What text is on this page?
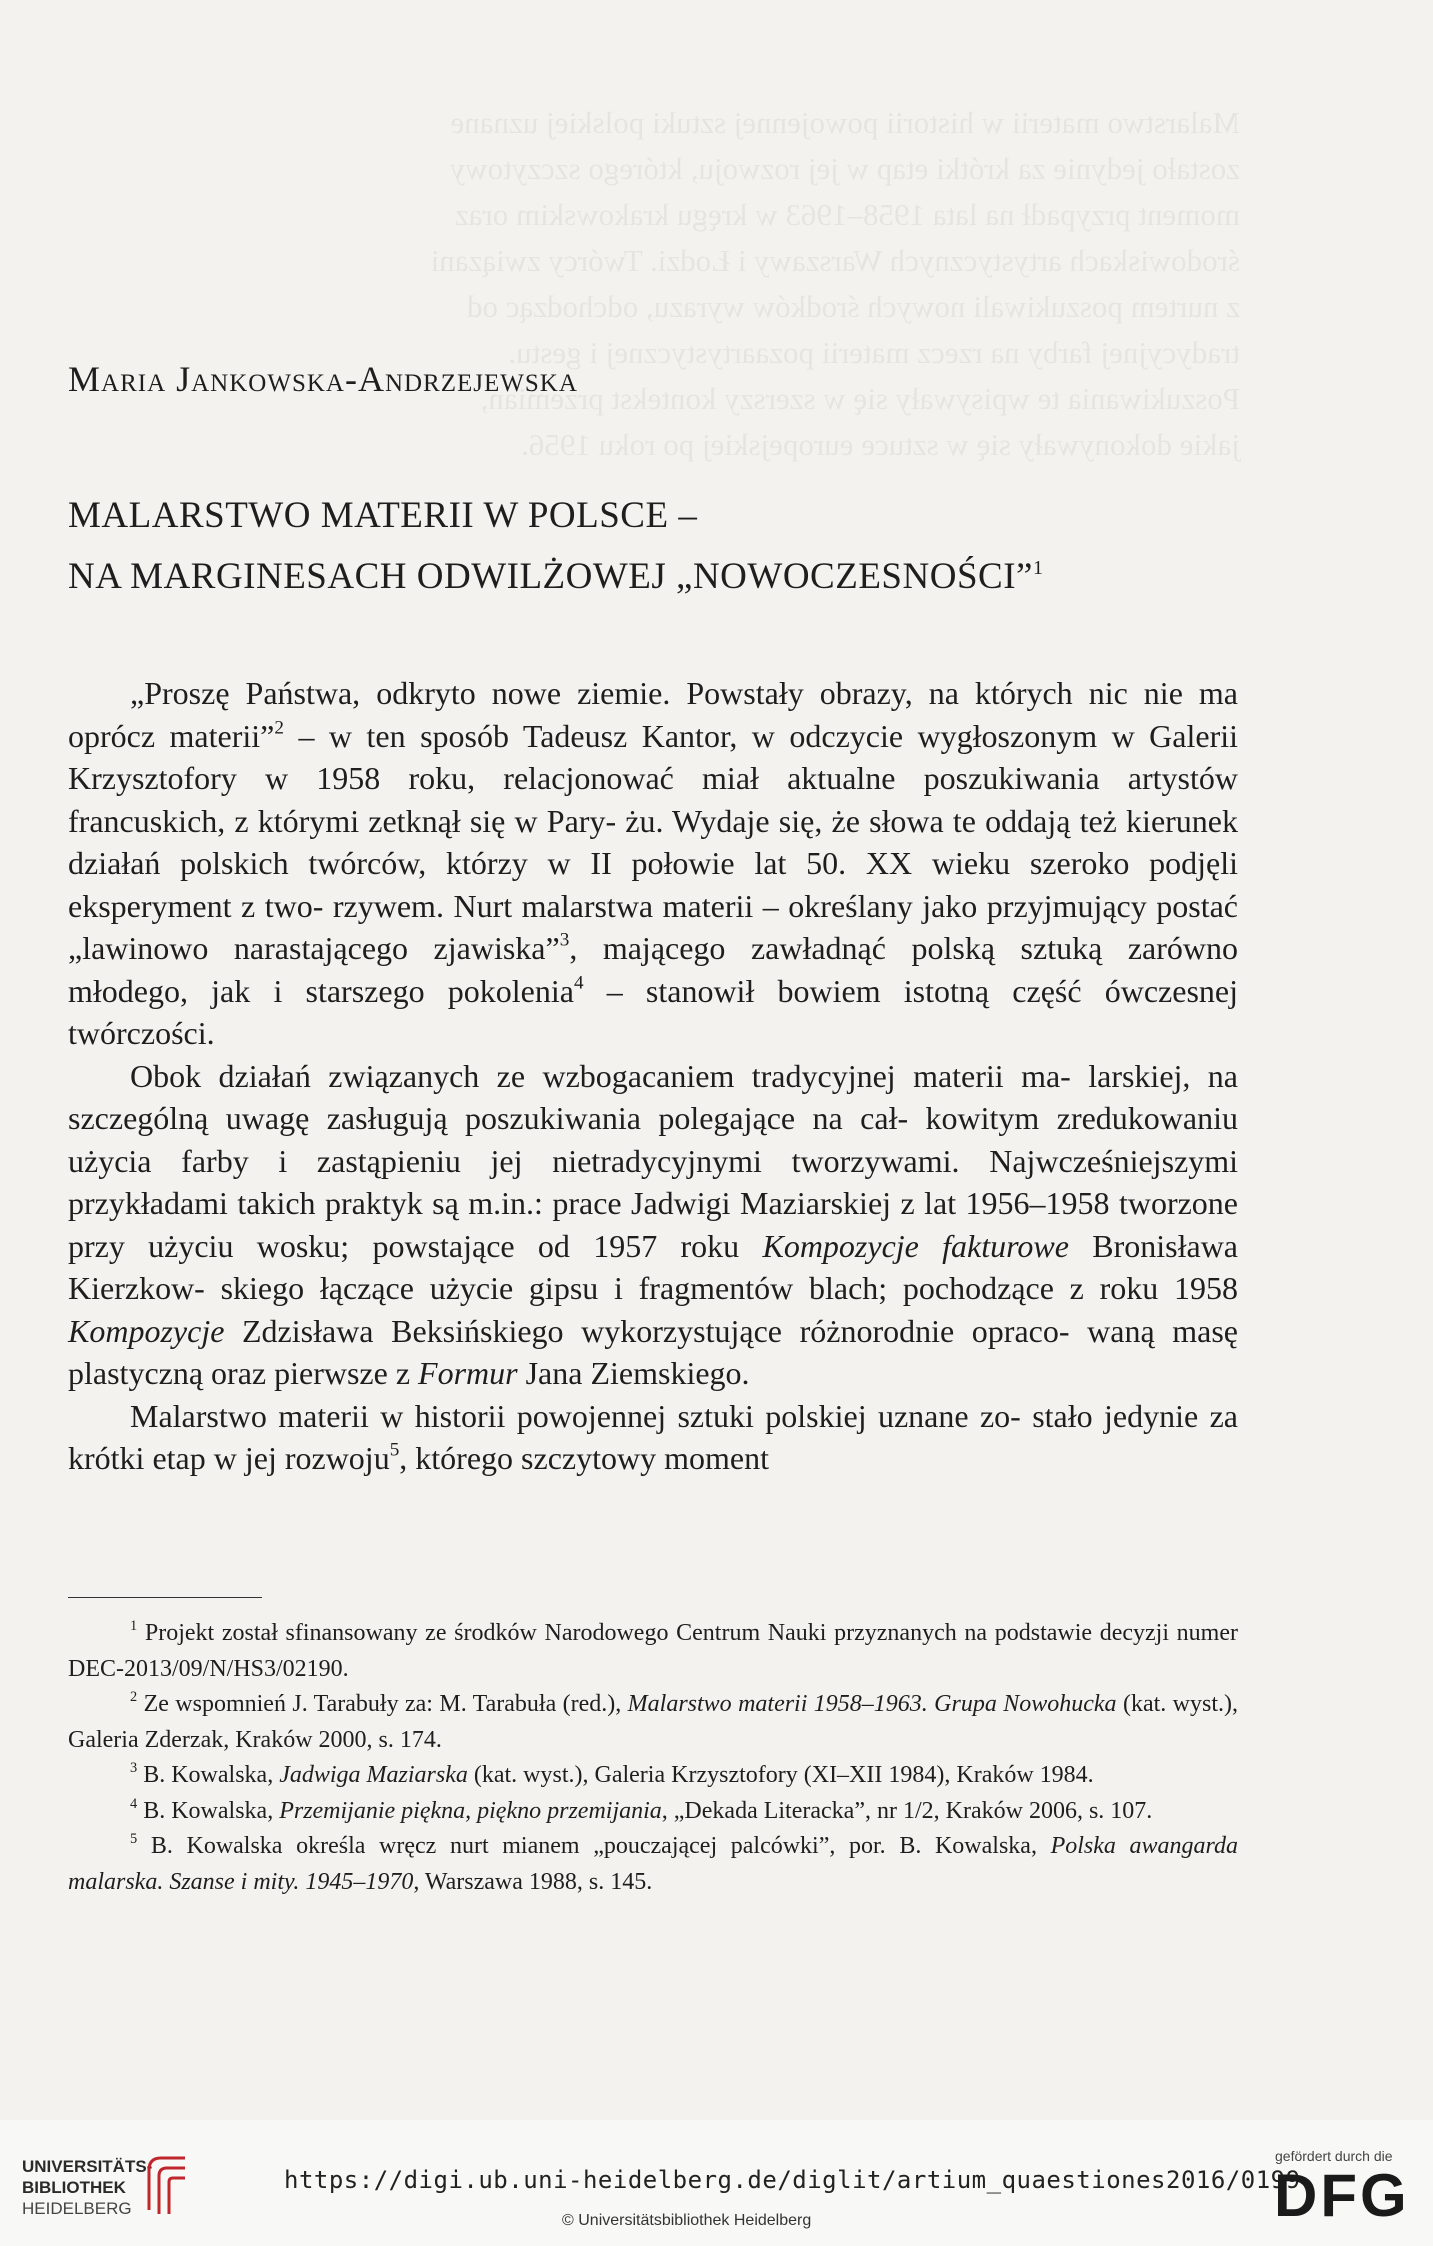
Malarstwo materii w historii powojennej sztuki polskiej uznane
zostało jedynie za krótki etap w jej rozwoju, którego szczytowy
moment przypadł na lata 1958–1963 w kręgu krakowskim oraz
środowiskach artystycznych Warszawy i Łodzi. Twórcy związani
z nurtem poszukiwali nowych środków wyrazu, odchodząc od
tradycyjnej farby na rzecz materii pozaartystycznej i gestu.
Poszukiwania te wpisywały się w szerszy kontekst przemian,
jakie dokonywały się w sztuce europejskiej po roku 1956.
Maria Jankowska-Andrzejewska
MALARSTWO MATERII W POLSCE –
NA MARGINESACH ODWILŻOWEJ „NOWOCZESNOŚCI”$^1$

„Proszę Państwa, odkryto nowe ziemie. Powstały obrazy, na których nic nie ma oprócz materii”$^2$ – w ten sposób Tadeusz Kantor, w odczycie wygłoszonym w Galerii Krzysztofory w 1958 roku, relacjonować miał aktualne poszukiwania artystów francuskich, z którymi zetknął się w Pary- żu. Wydaje się, że słowa te oddają też kierunek działań polskich twórców, którzy w II połowie lat 50. XX wieku szeroko podjęli eksperyment z two- rzywem. Nurt malarstwa materii – określany jako przyjmujący postać „lawinowo narastającego zjawiska”$^3$, mającego zawładnąć polską sztuką zarówno młodego, jak i starszego pokolenia$^4$ – stanowił bowiem istotną część ówczesnej twórczości.

Obok działań związanych ze wzbogacaniem tradycyjnej materii ma- larskiej, na szczególną uwagę zasługują poszukiwania polegające na cał- kowitym zredukowaniu użycia farby i zastąpieniu jej nietradycyjnymi tworzywami. Najwcześniejszymi przykładami takich praktyk są m.in.: prace Jadwigi Maziarskiej z lat 1956–1958 tworzone przy użyciu wosku; powstające od 1957 roku Kompozycje fakturowe Bronisława Kierzkow- skiego łączące użycie gipsu i fragmentów blach; pochodzące z roku 1958 Kompozycje Zdzisława Beksińskiego wykorzystujące różnorodnie opraco- waną masę plastyczną oraz pierwsze z Formur Jana Ziemskiego.

Malarstwo materii w historii powojennej sztuki polskiej uznane zo- stało jedynie za krótki etap w jej rozwoju$^5$, którego szczytowy moment

$^1$ Projekt został sfinansowany ze środków Narodowego Centrum Nauki przyznanych na podstawie decyzji numer DEC-2013/09/N/HS3/02190.

$^2$ Ze wspomnień J. Tarabuły za: M. Tarabuła (red.), Malarstwo materii 1958–1963. Grupa Nowohucka (kat. wyst.), Galeria Zderzak, Kraków 2000, s. 174.

$^3$ B. Kowalska, Jadwiga Maziarska (kat. wyst.), Galeria Krzysztofory (XI–XII 1984), Kraków 1984.

$^4$ B. Kowalska, Przemijanie piękna, piękno przemijania, „Dekada Literacka”, nr 1/2, Kraków 2006, s. 107.

$^5$ B. Kowalska określa wręcz nurt mianem „pouczającej palcówki”, por. B. Kowalska, Polska awangarda malarska. Szanse i mity. 1945–1970, Warszawa 1988, s. 145.

UNIVERSITÄTS-
BIBLIOTHEK
HEIDELBERG
https://digi.ub.uni-heidelberg.de/diglit/artium_quaestiones2016/0199
© Universitätsbibliothek Heidelberg
gefördert durch die
DFG
